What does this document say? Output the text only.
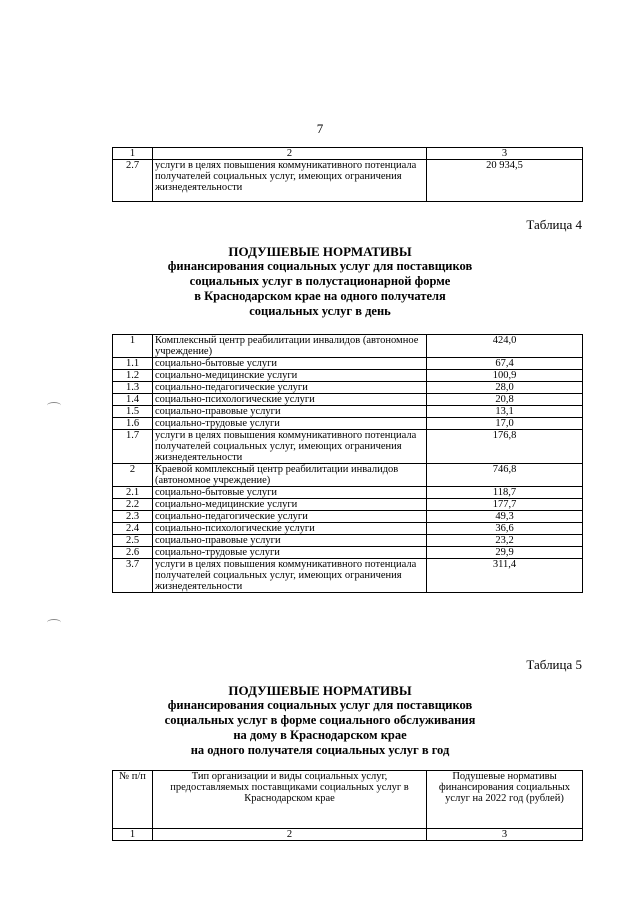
7
1	2	3
2.7	услуги в целях повышения коммуникативного потенциала получателей социальных услуг, имеющих ограничения жизнедеятельности	20 934,5
Таблица 4
ПОДУШЕВЫЕ НОРМАТИВЫ
финансирования социальных услуг для поставщиков
социальных услуг в полустационарной форме
в Краснодарском крае на одного получателя
социальных услуг в день
1	Комплексный центр реабилитации инвалидов (автономное учреждение)	424,0
1.1	социально-бытовые услуги	67,4
1.2	социально-медицинские услуги	100,9
1.3	социально-педагогические услуги	28,0
1.4	социально-психологические услуги	20,8
1.5	социально-правовые услуги	13,1
1.6	социально-трудовые услуги	17,0
1.7	услуги в целях повышения коммуникативного потенциала получателей социальных услуг, имеющих ограничения жизнедеятельности	176,8
2	Краевой комплексный центр реабилитации инвалидов (автономное учреждение)	746,8
2.1	социально-бытовые услуги	118,7
2.2	социально-медицинские услуги	177,7
2.3	социально-педагогические услуги	49,3
2.4	социально-психологические услуги	36,6
2.5	социально-правовые услуги	23,2
2.6	социально-трудовые услуги	29,9
3.7	услуги в целях повышения коммуникативного потенциала получателей социальных услуг, имеющих ограничения жизнедеятельности	311,4
Таблица 5
ПОДУШЕВЫЕ НОРМАТИВЫ
финансирования социальных услуг для поставщиков
социальных услуг в форме социального обслуживания
на дому в Краснодарском крае
на одного получателя социальных услуг в год
№ п/п	Тип организации и виды социальных услуг, предоставляемых поставщиками социальных услуг в Краснодарском крае	Подушевые нормативы финансирования социальных услуг на 2022 год (рублей)
1	2	3
